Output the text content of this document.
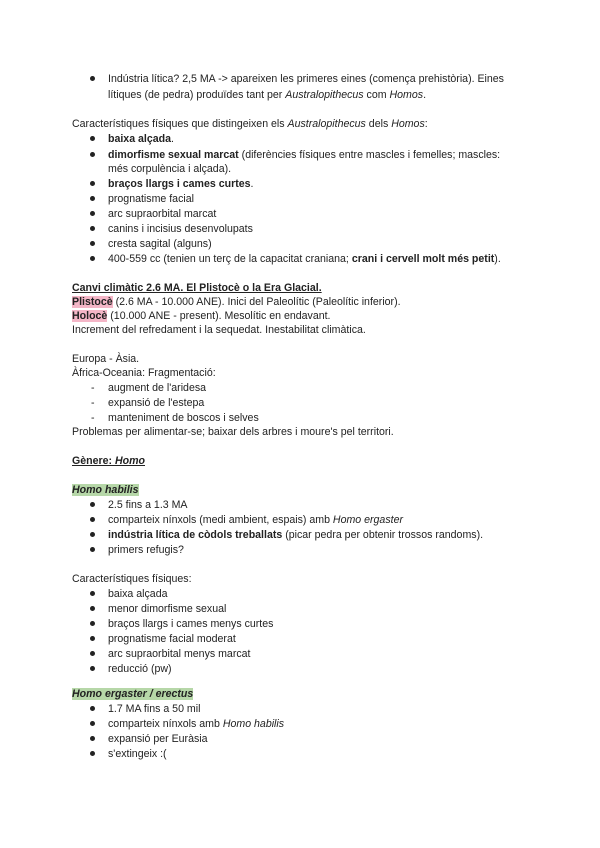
Indústria lítica? 2,5 MA -> apareixen les primeres eines (comença prehistòria). Eines
lítiques (de pedra) produïdes tant per Australopithecus com Homos.
Característiques físiques que distingeixen els Australopithecus dels Homos:
baixa alçada.
dimorfisme sexual marcat (diferències físiques entre mascles i femelles; mascles:
més corpulència i alçada).
braços llargs i cames curtes.
prognatisme facial
arc supraorbital marcat
canins i incisius desenvolupats
cresta sagital (alguns)
400-559 cc (tenien un terç de la capacitat craniana; crani i cervell molt més petit).
Canvi climàtic 2.6 MA. El Plistocè o la Era Glacial.
Plistocè (2.6 MA - 10.000 ANE). Inici del Paleolític (Paleolític inferior).
Holocè (10.000 ANE - present). Mesolític en endavant.
Increment del refredament i la sequedat. Inestabilitat climàtica.
Europa - Àsia.
Àfrica-Oceania: Fragmentació:
- augment de l'aridesa
- expansió de l'estepa
- manteniment de boscos i selves
Problemas per alimentar-se; baixar dels arbres i moure's pel territori.
Gènere: Homo
Homo habilis
2.5 fins a 1.3 MA
comparteix nínxols (medi ambient, espais) amb Homo ergaster
indústria lítica de còdols treballats (picar pedra per obtenir trossos randoms).
primers refugis?
Característiques físiques:
baixa alçada
menor dimorfisme sexual
braços llargs i cames menys curtes
prognatisme facial moderat
arc supraorbital menys marcat
reducció (pw)
Homo ergaster / erectus
1.7 MA fins a 50 mil
comparteix nínxols amb Homo habilis
expansió per Euràsia
s'extingeix :(
